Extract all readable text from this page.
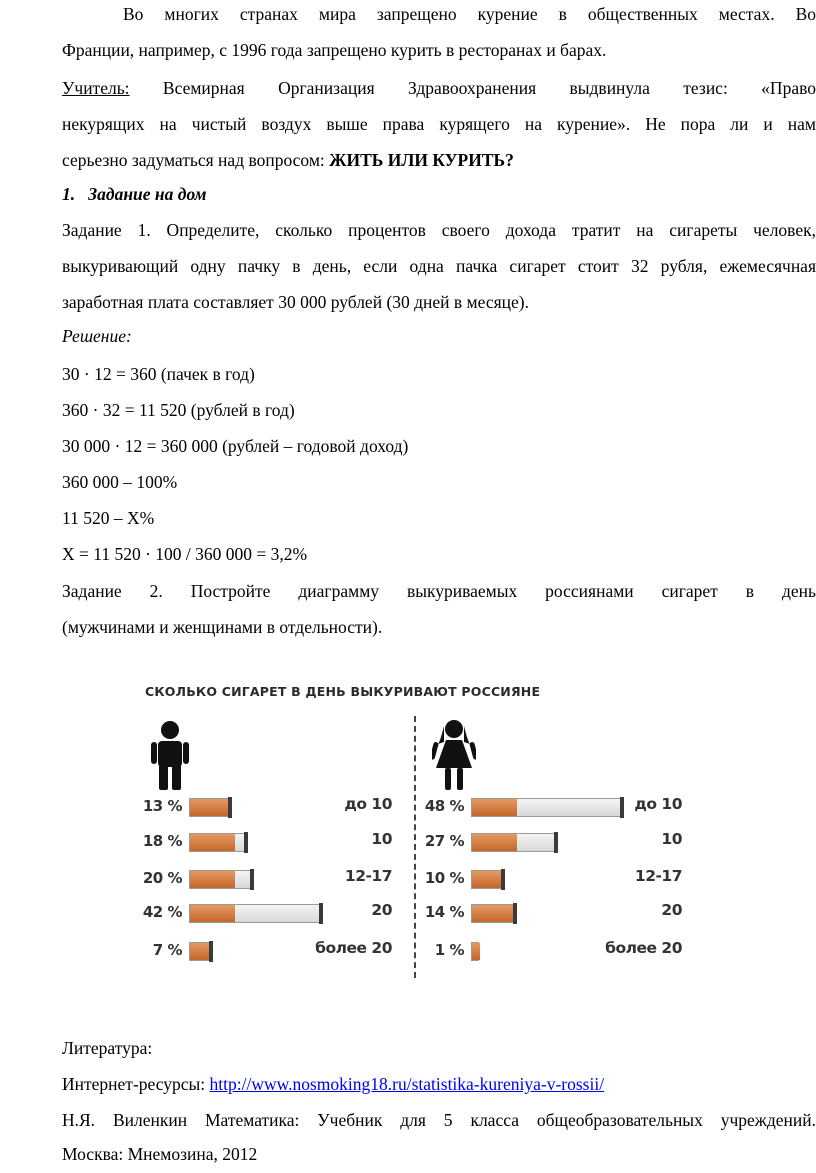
Во многих странах мира запрещено курение в общественных местах. Во

Франции, например, с 1996 года запрещено курить в ресторанах и барах.

Учитель: Всемирная Организация Здравоохранения выдвинула тезис: «Право

некурящих на чистый воздух выше права курящего на курение». Не пора ли и нам

серьезно задуматься над вопросом: ЖИТЬ ИЛИ КУРИТЬ?

1.   Задание на дом

Задание 1. Определите, сколько процентов своего дохода тратит на сигареты человек,

выкуривающий одну пачку в день, если одна пачка сигарет стоит 32 рубля, ежемесячная

заработная плата составляет 30 000 рублей (30 дней в месяце).

Решение:

30 · 12 = 360 (пачек в год)

360 · 32 = 11 520 (рублей в год)

30 000 · 12 = 360 000 (рублей – годовой доход)

360 000 – 100%

11 520 – X%

X = 11 520 · 100 / 360 000 = 3,2%

Задание 2. Постройте диаграмму выкуриваемых россиянами сигарет в день

(мужчинами и женщинами в отдельности).

Литература:

Интернет-ресурсы: http://www.nosmoking18.ru/statistika-kureniya-v-rossii/

Н.Я. Виленкин Математика: Учебник для 5 класса общеобразовательных учреждений.

Москва: Мнемозина, 2012

СКОЛЬКО СИГАРЕТ В ДЕНЬ ВЫКУРИВАЮТ РОССИЯНЕ
13 %	до 10
18 %	10
20 %	12-17
42 %	20
7 %	более 20
48 %	до 10
27 %	10
10 %	12-17
14 %	20
1 %	более 20
